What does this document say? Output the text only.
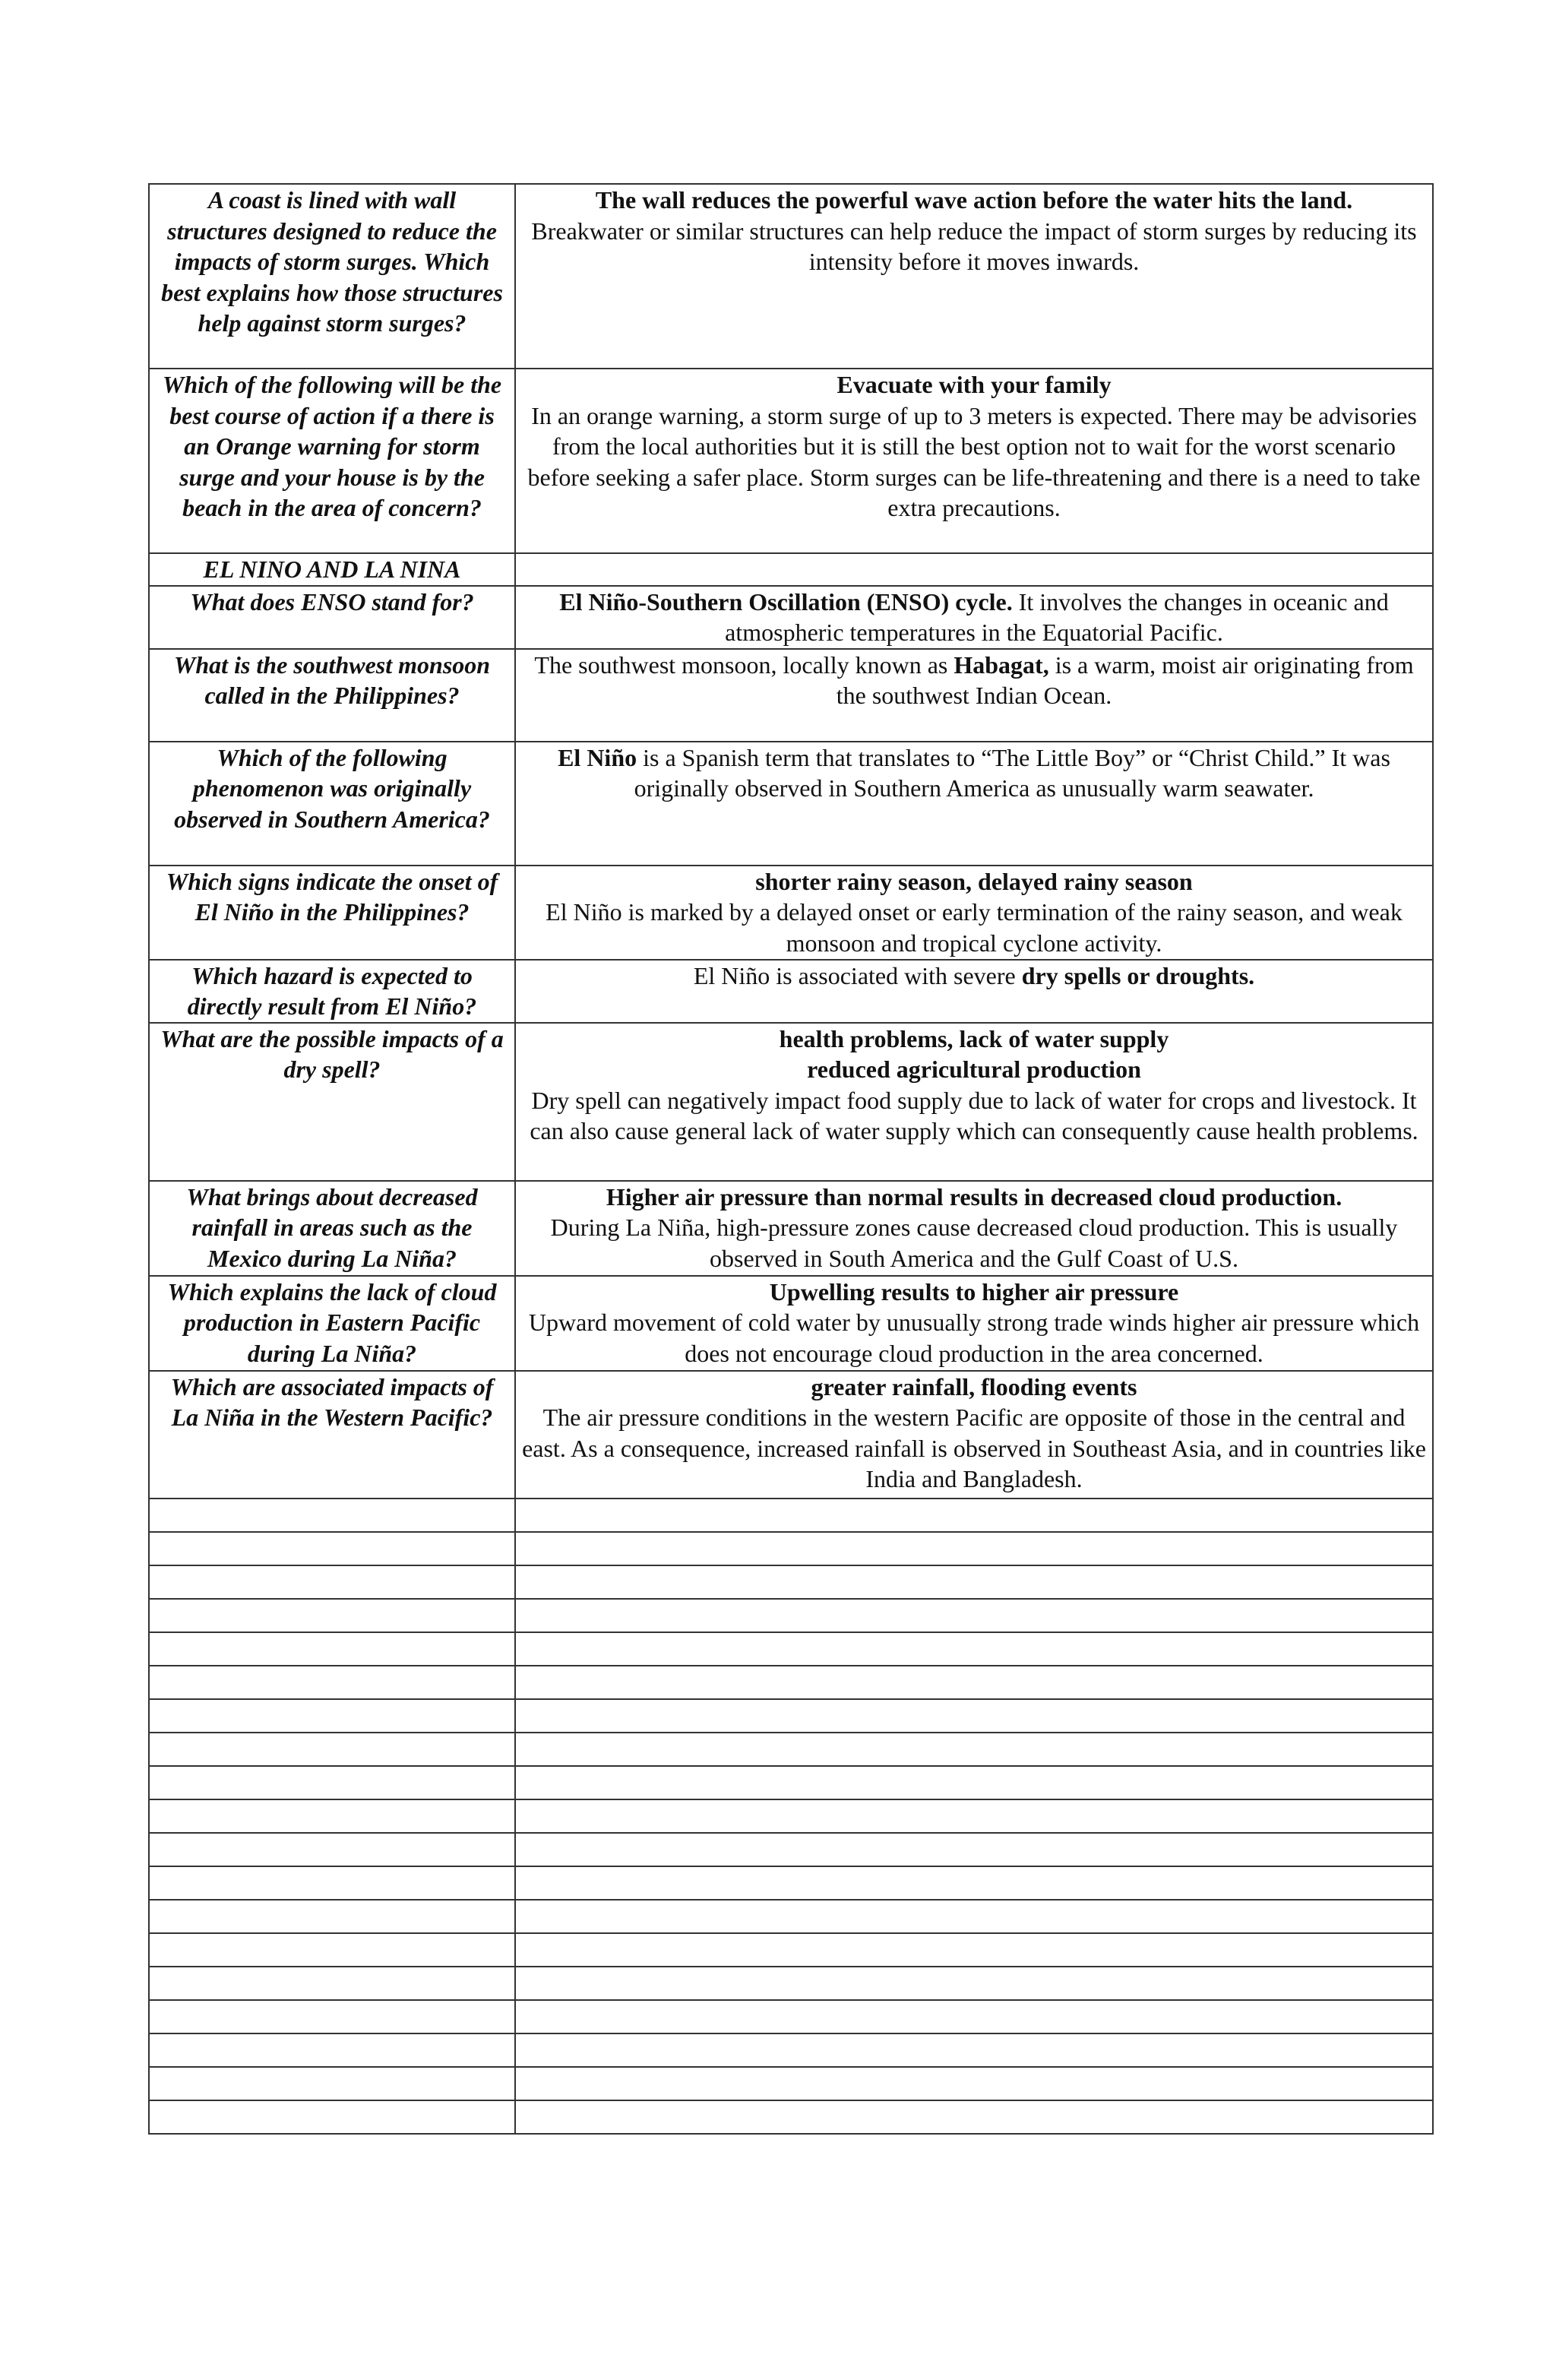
A coast is lined with wall structures designed to reduce the impacts of storm surges. Which best explains how those structures help against storm surges?	The wall reduces the powerful wave action before the water hits the land.
Breakwater or similar structures can help reduce the impact of storm surges by reducing its intensity before it moves inwards.
Which of the following will be the best course of action if a there is an Orange warning for storm surge and your house is by the beach in the area of concern?	Evacuate with your family
In an orange warning, a storm surge of up to 3 meters is expected. There may be advisories from the local authorities but it is still the best option not to wait for the worst scenario before seeking a safer place. Storm surges can be life-threatening and there is a need to take extra precautions.
EL NINO AND LA NINA	
What does ENSO stand for?	El Niño-Southern Oscillation (ENSO) cycle. It involves the changes in oceanic and atmospheric temperatures in the Equatorial Pacific.
What is the southwest monsoon called in the Philippines?	The southwest monsoon, locally known as Habagat, is a warm, moist air originating from the southwest Indian Ocean.
Which of the following phenomenon was originally observed in Southern America?	El Niño is a Spanish term that translates to “The Little Boy” or “Christ Child.” It was originally observed in Southern America as unusually warm seawater.
Which signs indicate the onset of El Niño in the Philippines?	shorter rainy season, delayed rainy season
El Niño is marked by a delayed onset or early termination of the rainy season, and weak monsoon and tropical cyclone activity.
Which hazard is expected to directly result from El Niño?	El Niño is associated with severe dry spells or droughts.
What are the possible impacts of a dry spell?	health problems, lack of water supply
reduced agricultural production
Dry spell can negatively impact food supply due to lack of water for crops and livestock. It can also cause general lack of water supply which can consequently cause health problems.
What brings about decreased rainfall in areas such as the Mexico during La Niña?	Higher air pressure than normal results in decreased cloud production.
During La Niña, high-pressure zones cause decreased cloud production. This is usually observed in South America and the Gulf Coast of U.S.
Which explains the lack of cloud production in Eastern Pacific during La Niña?	Upwelling results to higher air pressure
Upward movement of cold water by unusually strong trade winds higher air pressure which does not encourage cloud production in the area concerned.
Which are associated impacts of La Niña in the Western Pacific?	greater rainfall, flooding events
The air pressure conditions in the western Pacific are opposite of those in the central and east. As a consequence, increased rainfall is observed in Southeast Asia, and in countries like India and Bangladesh.
